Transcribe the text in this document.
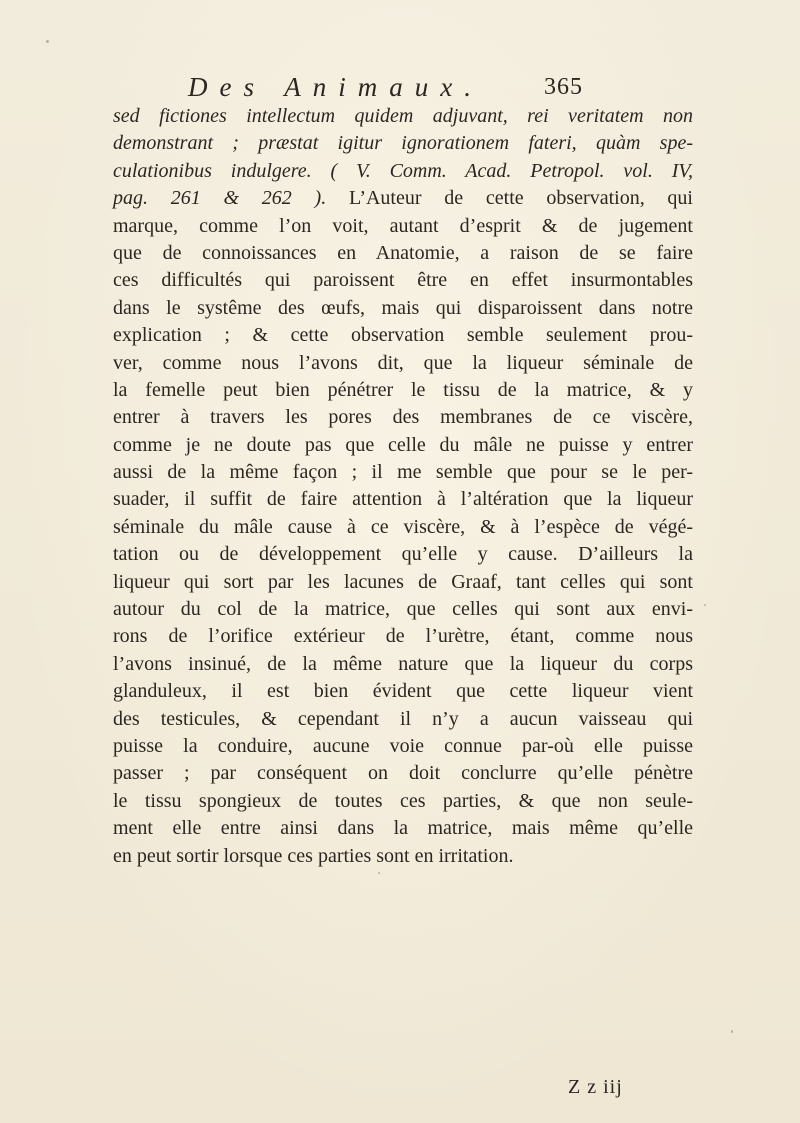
Des Animaux.	365
sed fictiones intellectum quidem adjuvant, rei veritatem non
demonstrant ; præstat igitur ignorationem fateri, quàm spe-
culationibus indulgere. ( V. Comm. Acad. Petropol. vol. IV,
pag. 261 & 262 ). L’Auteur de cette observation, qui
marque, comme l’on voit, autant d’esprit & de jugement
que de connoissances en Anatomie, a raison de se faire
ces difficultés qui paroissent être en effet insurmontables
dans le systême des œufs, mais qui disparoissent dans notre
explication ; & cette observation semble seulement prou-
ver, comme nous l’avons dit, que la liqueur séminale de
la femelle peut bien pénétrer le tissu de la matrice, & y
entrer à travers les pores des membranes de ce viscère,
comme je ne doute pas que celle du mâle ne puisse y entrer
aussi de la même façon ; il me semble que pour se le per-
suader, il suffit de faire attention à l’altération que la liqueur
séminale du mâle cause à ce viscère, & à l’espèce de végé-
tation ou de développement qu’elle y cause. D’ailleurs la
liqueur qui sort par les lacunes de Graaf, tant celles qui sont
autour du col de la matrice, que celles qui sont aux envi-
rons de l’orifice extérieur de l’urètre, étant, comme nous
l’avons insinué, de la même nature que la liqueur du corps
glanduleux, il est bien évident que cette liqueur vient
des testicules, & cependant il n’y a aucun vaisseau qui
puisse la conduire, aucune voie connue par-où elle puisse
passer ; par conséquent on doit conclurre qu’elle pénètre
le tissu spongieux de toutes ces parties, & que non seule-
ment elle entre ainsi dans la matrice, mais même qu’elle
en peut sortir lorsque ces parties sont en irritation.
Z z iij
